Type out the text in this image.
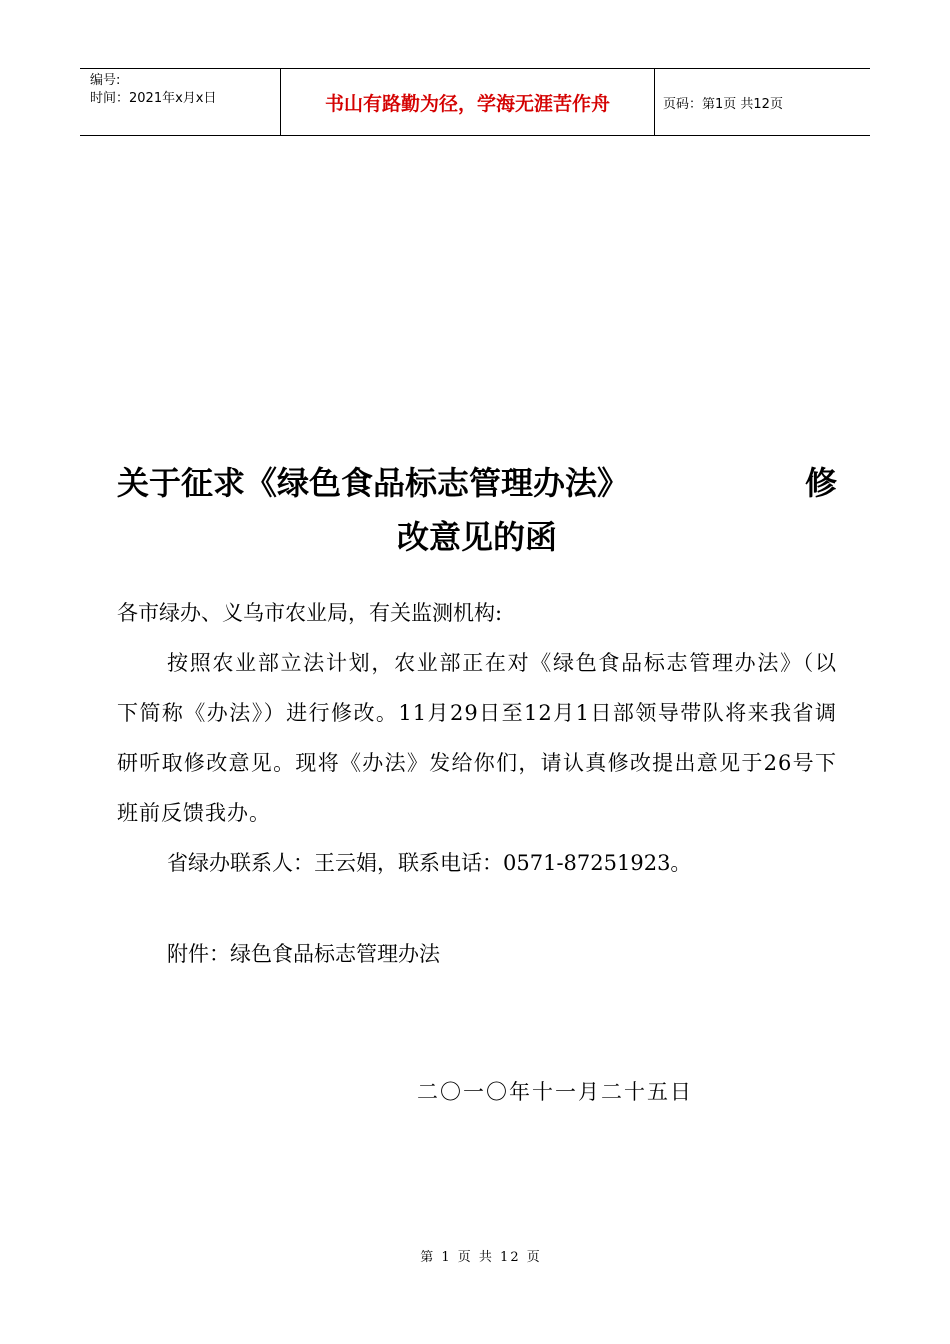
编号:
时间：2021年x月x日	书山有路勤为径，学海无涯苦作舟	页码：第1页 共12页
关于征求《绿色食品标志管理办法》	修
改意见的函

各市绿办、义乌市农业局，有关监测机构:

按照农业部立法计划，农业部正在对《绿色食品标志管理办法》（以下简称《办法》）进行修改。11月29日至12月1日部领导带队将来我省调研听取修改意见。现将《办法》发给你们，请认真修改提出意见于26号下班前反馈我办。

省绿办联系人：王云娟，联系电话：0571-87251923。

附件：绿色食品标志管理办法
二〇一〇年十一月二十五日
第 1 页 共 12 页
